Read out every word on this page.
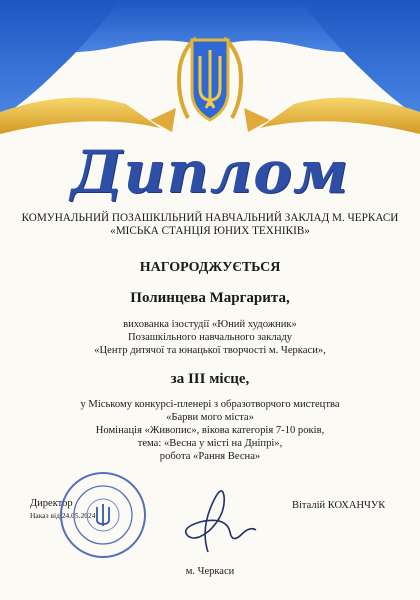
Диплом
КОМУНАЛЬНИЙ ПОЗАШКІЛЬНИЙ НАВЧАЛЬНИЙ ЗАКЛАД М. ЧЕРКАСИ
«МІСЬКА СТАНЦІЯ ЮНИХ ТЕХНІКІВ»
НАГОРОДЖУЄТЬСЯ
Полинцева Маргарита,
вихованка ізостудії «Юний художник»
Позашкільного навчального закладу
«Центр дитячої та юнацької творчості м. Черкаси»,
за III місце,
у Міському конкурсі-пленері з образотворчого мистецтва
«Барви мого міста»
Номінація «Живопис», вікова категорія 7-10 років,
тема: «Весна у місті на Дніпрі»,
робота «Рання Весна»
Директор
Наказ від 24.05.2024
Віталій КОХАНЧУК
м. Черкаси
